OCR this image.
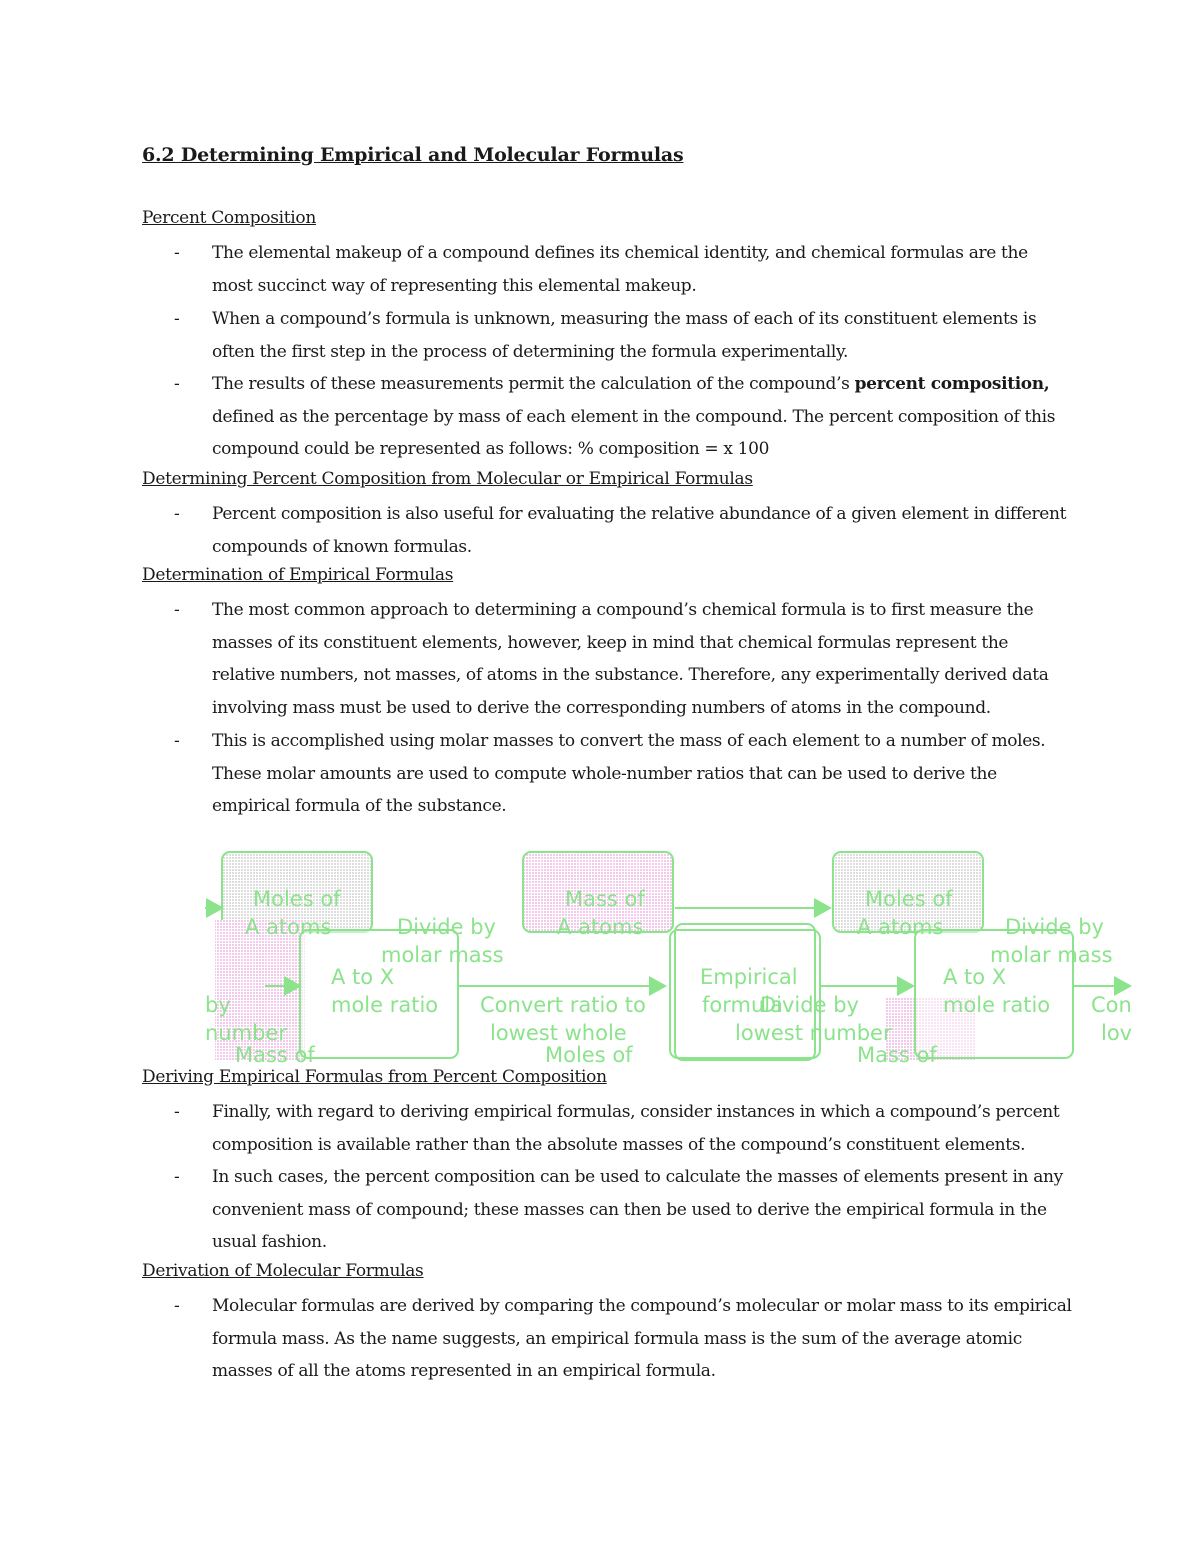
6.2 Determining Empirical and Molecular Formulas
Percent Composition
- The elemental makeup of a compound defines its chemical identity, and chemical formulas are the most succinct way of representing this elemental makeup.
- When a compound’s formula is unknown, measuring the mass of each of its constituent elements is often the first step in the process of determining the formula experimentally.
- The results of these measurements permit the calculation of the compound’s percent composition, defined as the percentage by mass of each element in the compound. The percent composition of this compound could be represented as follows: % composition = x 100
Determining Percent Composition from Molecular or Empirical Formulas
- Percent composition is also useful for evaluating the relative abundance of a given element in different compounds of known formulas.
Determination of Empirical Formulas
- The most common approach to determining a compound’s chemical formula is to first measure the masses of its constituent elements, however, keep in mind that chemical formulas represent the relative numbers, not masses, of atoms in the substance. Therefore, any experimentally derived data involving mass must be used to derive the corresponding numbers of atoms in the compound.
- This is accomplished using molar masses to convert the mass of each element to a number of moles. These molar amounts are used to compute whole-number ratios that can be used to derive the empirical formula of the substance.
Moles of
A atoms	Divide by
molar mass
A to X
mole ratio
by
number
Mass of
Mass of
A atoms
Convert ratio to
lowest whole
Moles of
Empirical
formula
Divide by
lowest number
Mass of
Moles of
A atoms	Divide by
molar mass
A to X
mole ratio Con
lov
Deriving Empirical Formulas from Percent Composition
- Finally, with regard to deriving empirical formulas, consider instances in which a compound’s percent composition is available rather than the absolute masses of the compound’s constituent elements.
- In such cases, the percent composition can be used to calculate the masses of elements present in any convenient mass of compound; these masses can then be used to derive the empirical formula in the usual fashion.
Derivation of Molecular Formulas
- Molecular formulas are derived by comparing the compound’s molecular or molar mass to its empirical formula mass. As the name suggests, an empirical formula mass is the sum of the average atomic masses of all the atoms represented in an empirical formula.
